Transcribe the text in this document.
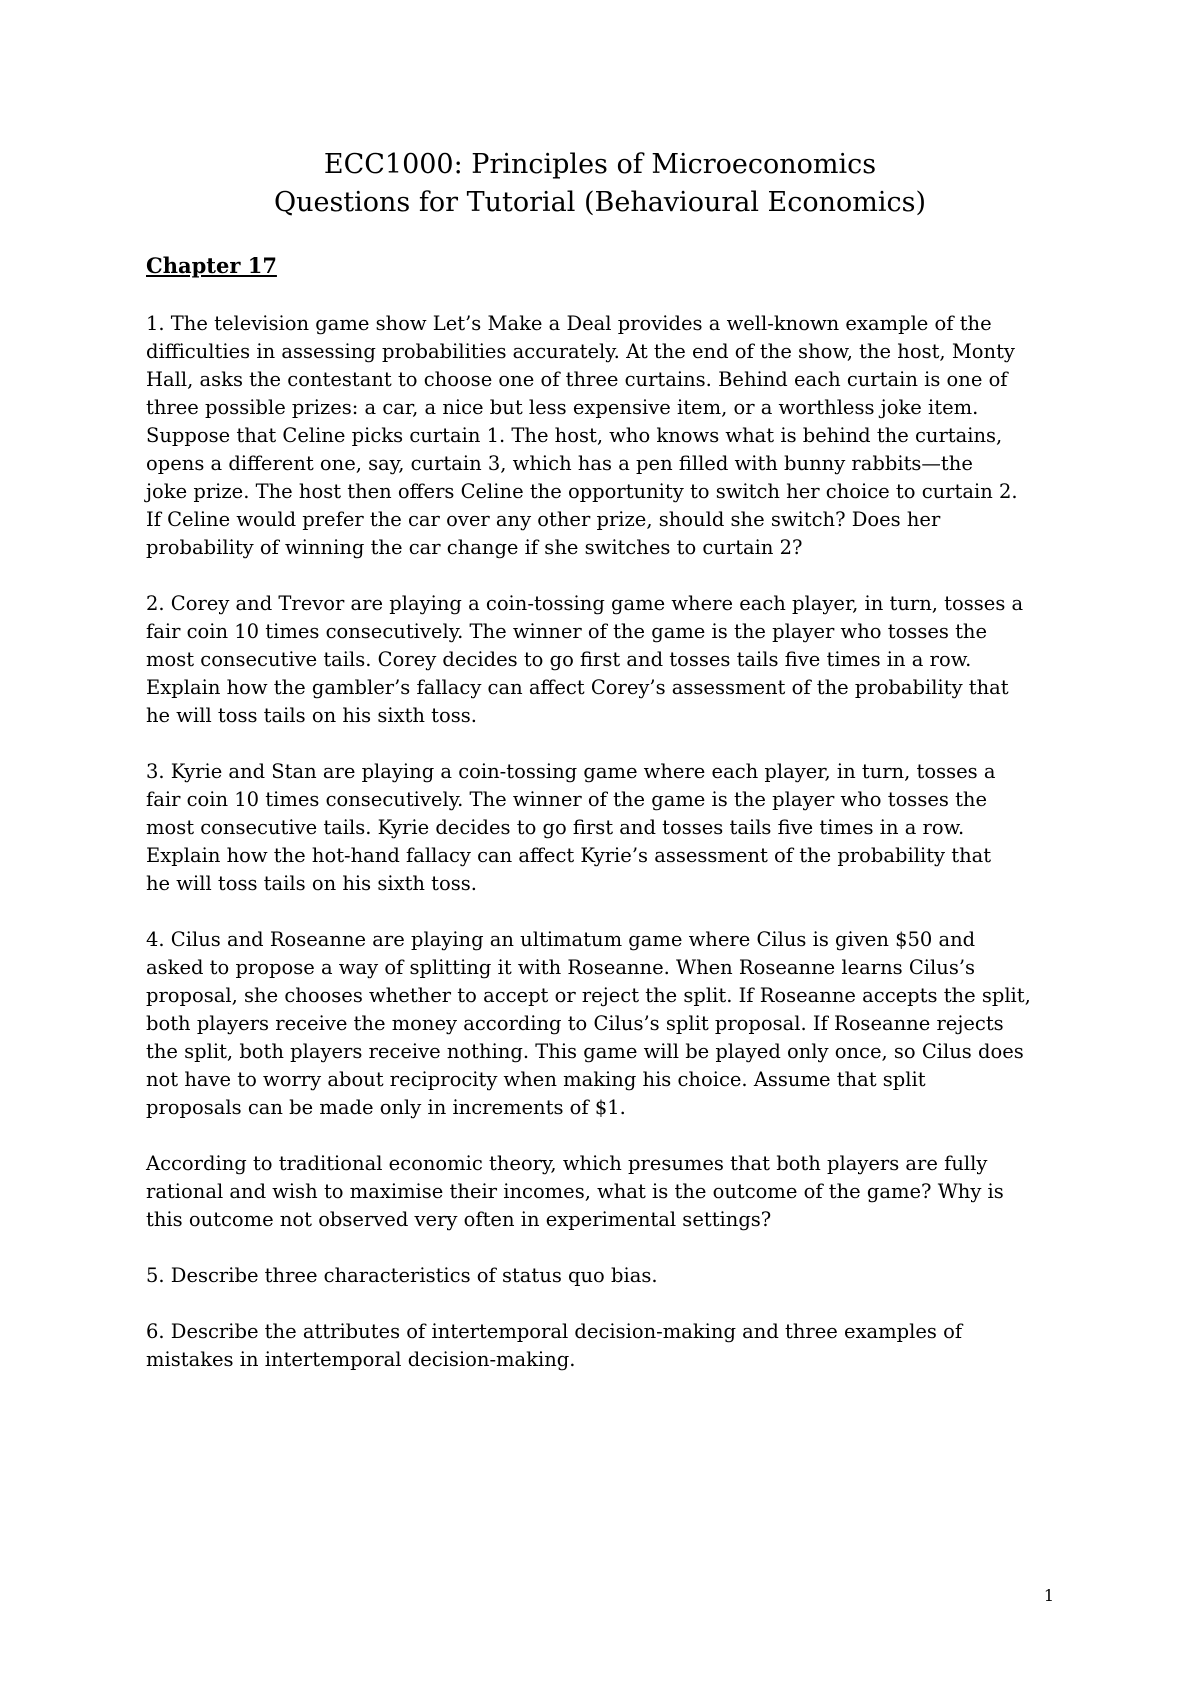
ECC1000: Principles of Microeconomics
Questions for Tutorial (Behavioural Economics)
Chapter 17

1. The television game show Let’s Make a Deal provides a well-known example of the
difficulties in assessing probabilities accurately. At the end of the show, the host, Monty
Hall, asks the contestant to choose one of three curtains. Behind each curtain is one of
three possible prizes: a car, a nice but less expensive item, or a worthless joke item.
Suppose that Celine picks curtain 1. The host, who knows what is behind the curtains,
opens a different one, say, curtain 3, which has a pen filled with bunny rabbits—the
joke prize. The host then offers Celine the opportunity to switch her choice to curtain 2.
If Celine would prefer the car over any other prize, should she switch? Does her
probability of winning the car change if she switches to curtain 2?

2. Corey and Trevor are playing a coin-tossing game where each player, in turn, tosses a
fair coin 10 times consecutively. The winner of the game is the player who tosses the
most consecutive tails. Corey decides to go first and tosses tails five times in a row.
Explain how the gambler’s fallacy can affect Corey’s assessment of the probability that
he will toss tails on his sixth toss.

3. Kyrie and Stan are playing a coin-tossing game where each player, in turn, tosses a
fair coin 10 times consecutively. The winner of the game is the player who tosses the
most consecutive tails. Kyrie decides to go first and tosses tails five times in a row.
Explain how the hot-hand fallacy can affect Kyrie’s assessment of the probability that
he will toss tails on his sixth toss.

4. Cilus and Roseanne are playing an ultimatum game where Cilus is given $50 and
asked to propose a way of splitting it with Roseanne. When Roseanne learns Cilus’s
proposal, she chooses whether to accept or reject the split. If Roseanne accepts the split,
both players receive the money according to Cilus’s split proposal. If Roseanne rejects
the split, both players receive nothing. This game will be played only once, so Cilus does
not have to worry about reciprocity when making his choice. Assume that split
proposals can be made only in increments of $1.

According to traditional economic theory, which presumes that both players are fully
rational and wish to maximise their incomes, what is the outcome of the game? Why is
this outcome not observed very often in experimental settings?

5. Describe three characteristics of status quo bias.

6. Describe the attributes of intertemporal decision-making and three examples of
mistakes in intertemporal decision-making.

1
